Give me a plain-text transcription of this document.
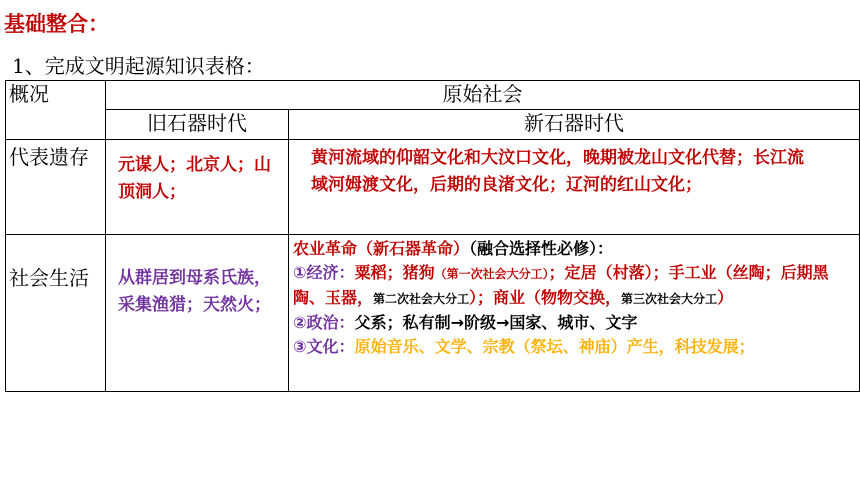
基础整合：
1、完成文明起源知识表格：
概况	原始社会	
	旧石器时代	新石器时代
代表遗存	元谋人；北京人；山顶洞人；	黄河流域的仰韶文化和大汶口文化，晚期被龙山文化代替；长江流域河姆渡文化，后期的良渚文化；辽河的红山文化；
社会生活	从群居到母系氏族，采集渔猎；天然火；	农业革命（新石器革命）（融合选择性必修）：
①经济：粟稻；猪狗（第一次社会大分工）；定居（村落）；手工业（丝陶；后期黑陶、玉器，第二次社会大分工）；商业（物物交换，第三次社会大分工）
②政治：父系；私有制→阶级→国家、城市、文字
③文化：原始音乐、文学、宗教（祭坛、神庙）产生，科技发展；
